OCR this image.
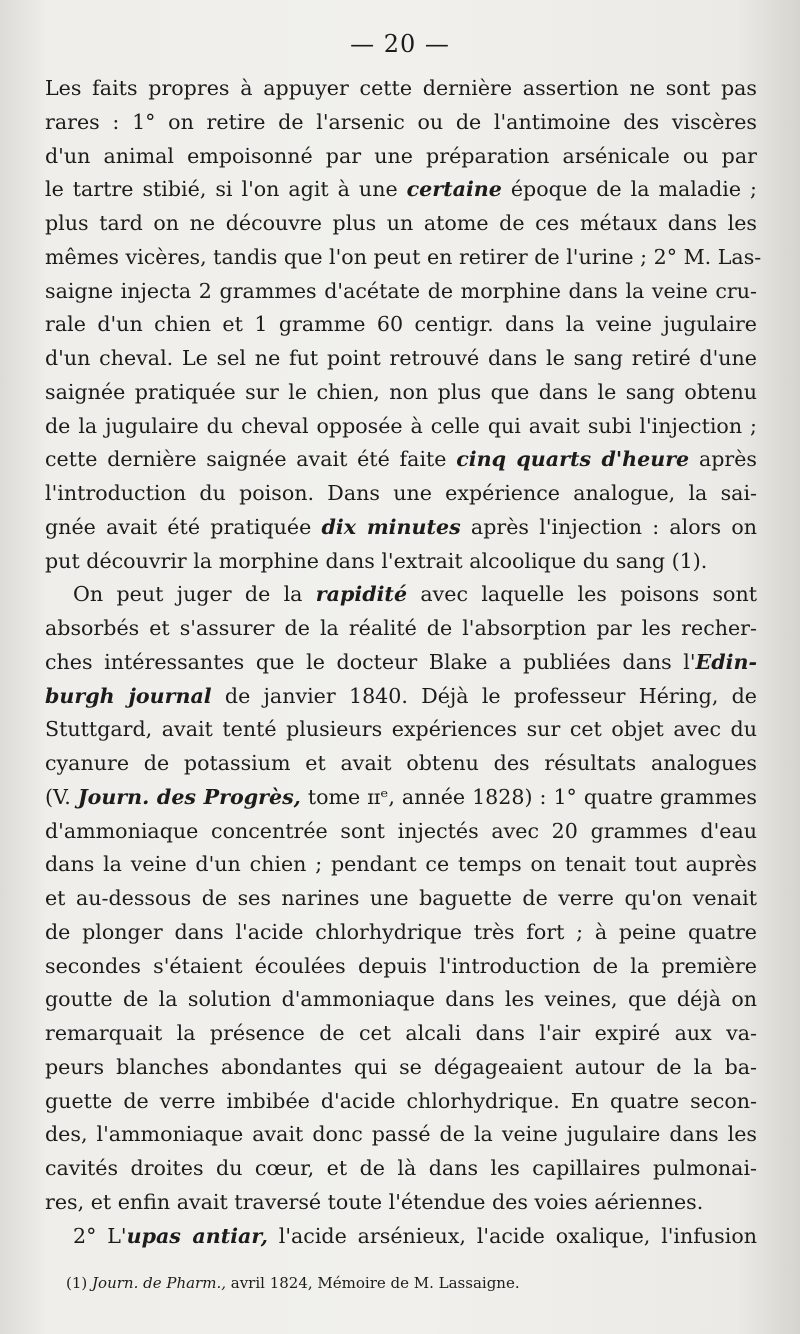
— 20 —
Les faits propres à appuyer cette dernière assertion ne sont pas
rares : 1° on retire de l'arsenic ou de l'antimoine des viscères
d'un animal empoisonné par une préparation arsénicale ou par
le tartre stibié, si l'on agit à une certaine époque de la maladie ;
plus tard on ne découvre plus un atome de ces métaux dans les
mêmes vicères, tandis que l'on peut en retirer de l'urine ; 2° M. Las-
saigne injecta 2 grammes d'acétate de morphine dans la veine cru-
rale d'un chien et 1 gramme 60 centigr. dans la veine jugulaire
d'un cheval. Le sel ne fut point retrouvé dans le sang retiré d'une
saignée pratiquée sur le chien, non plus que dans le sang obtenu
de la jugulaire du cheval opposée à celle qui avait subi l'injection ;
cette dernière saignée avait été faite cinq quarts d'heure après
l'introduction du poison. Dans une expérience analogue, la sai-
gnée avait été pratiquée dix minutes après l'injection : alors on
put découvrir la morphine dans l'extrait alcoolique du sang (1).
On peut juger de la rapidité avec laquelle les poisons sont
absorbés et s'assurer de la réalité de l'absorption par les recher-
ches intéressantes que le docteur Blake a publiées dans l'Edin-
burgh journal de janvier 1840. Déjà le professeur Héring, de
Stuttgard, avait tenté plusieurs expériences sur cet objet avec du
cyanure de potassium et avait obtenu des résultats analogues
(V. Journ. des Progrès, tome ɪɪᵉ, année 1828) : 1° quatre grammes
d'ammoniaque concentrée sont injectés avec 20 grammes d'eau
dans la veine d'un chien ; pendant ce temps on tenait tout auprès
et au-dessous de ses narines une baguette de verre qu'on venait
de plonger dans l'acide chlorhydrique très fort ; à peine quatre
secondes s'étaient écoulées depuis l'introduction de la première
goutte de la solution d'ammoniaque dans les veines, que déjà on
remarquait la présence de cet alcali dans l'air expiré aux va-
peurs blanches abondantes qui se dégageaient autour de la ba-
guette de verre imbibée d'acide chlorhydrique. En quatre secon-
des, l'ammoniaque avait donc passé de la veine jugulaire dans les
cavités droites du cœur, et de là dans les capillaires pulmonai-
res, et enfin avait traversé toute l'étendue des voies aériennes.
2° L'upas antiar, l'acide arsénieux, l'acide oxalique, l'infusion
(1) Journ. de Pharm., avril 1824, Mémoire de M. Lassaigne.
